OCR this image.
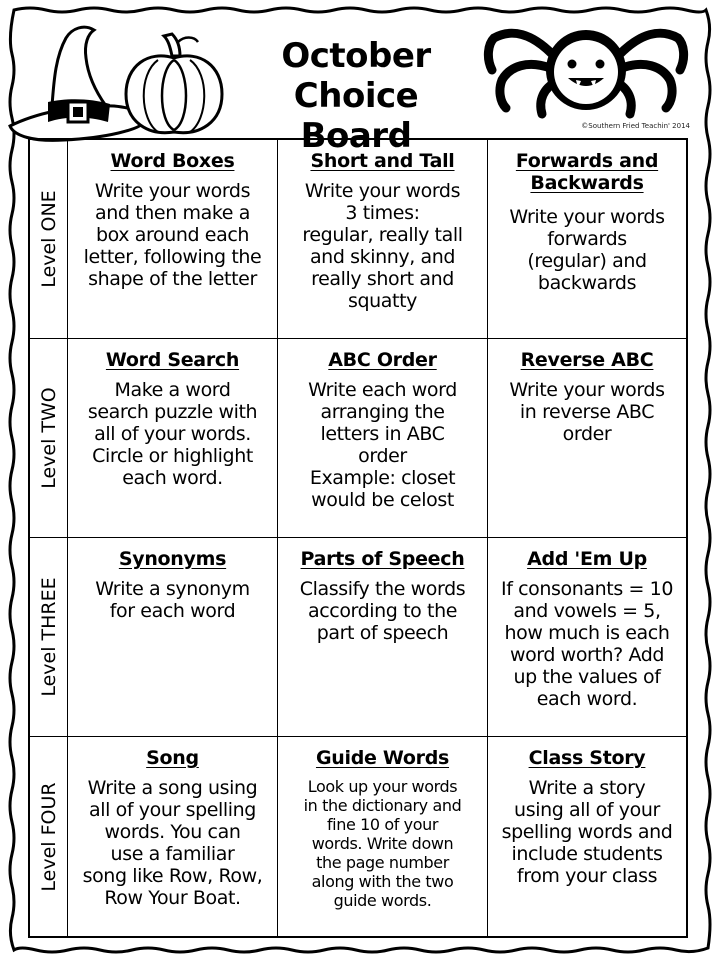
October
Choice Board	©Southern Fried Teachin' 2014
Level ONE
Word Boxes
Write your words
and then make a
box around each
letter, following the
shape of the letter
Short and Tall
Write your words
3 times:
regular, really tall
and skinny, and
really short and
squatty
Forwards and
Backwards
Write your words
forwards
(regular) and
backwards
Level TWO
Word Search
Make a word
search puzzle with
all of your words.
Circle or highlight
each word.
ABC Order
Write each word
arranging the
letters in ABC
order
Example: closet
would be celost
Reverse ABC
Write your words
in reverse ABC
order
Level THREE
Synonyms
Write a synonym
for each word
Parts of Speech
Classify the words
according to the
part of speech
Add 'Em Up
If consonants = 10
and vowels = 5,
how much is each
word worth? Add
up the values of
each word.
Level FOUR
Song
Write a song using
all of your spelling
words. You can
use a familiar
song like Row, Row,
Row Your Boat.
Guide Words
Look up your words
in the dictionary and
fine 10 of your
words. Write down
the page number
along with the two
guide words.
Class Story
Write a story
using all of your
spelling words and
include students
from your class
